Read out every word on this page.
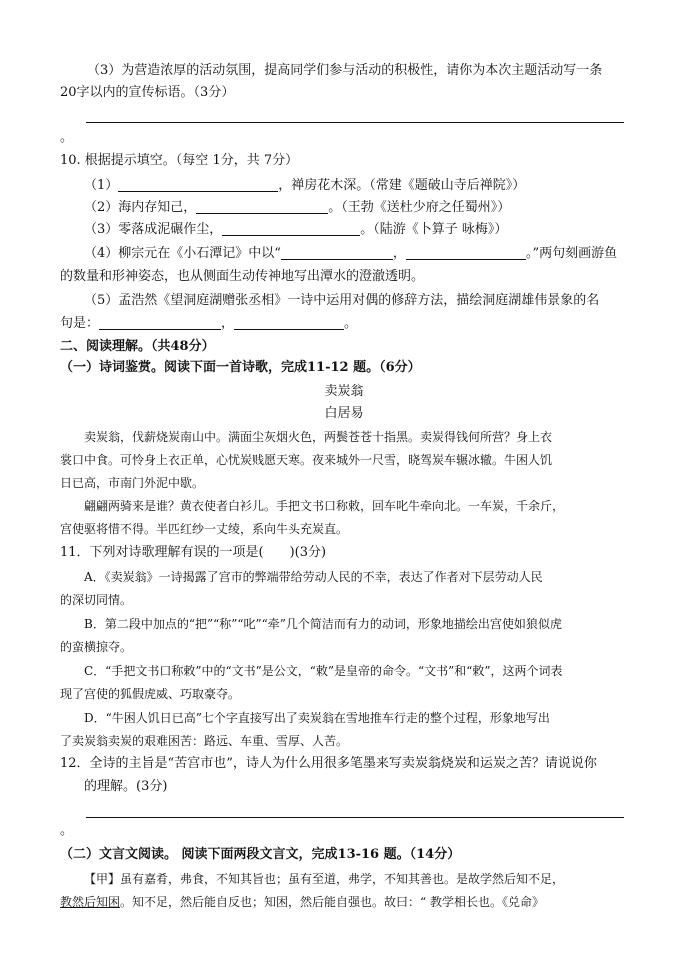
（3）为营造浓厚的活动氛围，提高同学们参与活动的积极性，请你为本次主题活动写一条
20字以内的宣传标语。（3分）
。
10. 根据提示填空。（每空 1分，共 7分）
（1）	，禅房花木深。（常建《题破山寺后禅院》）
（2）海内存知己，	。（王勃《送杜少府之任蜀州》）
（3）零落成泥碾作尘，	。（陆游《卜算子 咏梅》）
（4）柳宗元在《小石潭记》中以“	，	。”两句刻画游鱼
的数量和形神姿态，也从侧面生动传神地写出潭水的澄澈透明。
（5）孟浩然《望洞庭湖赠张丞相》一诗中运用对偶的修辞方法，描绘洞庭湖雄伟景象的名
句是：	，	。
二、阅读理解。（共48分）
（一）诗词鉴赏。阅读下面一首诗歌，完成11-12 题。（6分）
卖炭翁
白居易
卖炭翁，伐薪烧炭南山中。满面尘灰烟火色，两鬓苍苍十指黑。卖炭得钱何所营？身上衣
裳口中食。可怜身上衣正单，心忧炭贱愿天寒。夜来城外一尺雪，晓驾炭车辗冰辙。牛困人饥
日已高，市南门外泥中歇。
翩翩两骑来是谁？黄衣使者白衫儿。手把文书口称敕，回车叱牛牵向北。一车炭，千余斤，
宫使驱将惜不得。半匹红纱一丈绫，系向牛头充炭直。
11．下列对诗歌理解有误的一项是(　　)(3分)
A．《卖炭翁》一诗揭露了宫市的弊端带给劳动人民的不幸，表达了作者对下层劳动人民
的深切同情。
B．第二段中加点的“把”“称”“叱”“牵”几个简洁而有力的动词，形象地描绘出宫使如狼似虎
的蛮横掠夺。
C．“手把文书口称敕”中的“文书”是公文，“敕”是皇帝的命令。“文书”和“敕”，这两个词表
现了宫使的狐假虎威、巧取豪夺。
D．“牛困人饥日已高”七个字直接写出了卖炭翁在雪地推车行走的整个过程，形象地写出
了卖炭翁卖炭的艰难困苦：路远、车重、雪厚、人苦。
12．全诗的主旨是“苦宫市也”，诗人为什么用很多笔墨来写卖炭翁烧炭和运炭之苦？请说说你
的理解。(3分)
。
（二）文言文阅读。 阅读下面两段文言文，完成13-16 题。（14分）
【甲】虽有嘉肴，弗食，不知其旨也；虽有至道，弗学，不知其善也。是故学然后知不足，
教然后知困。知不足，然后能自反也；知困，然后能自强也。故曰：“ 教学相长也。《兑命》
